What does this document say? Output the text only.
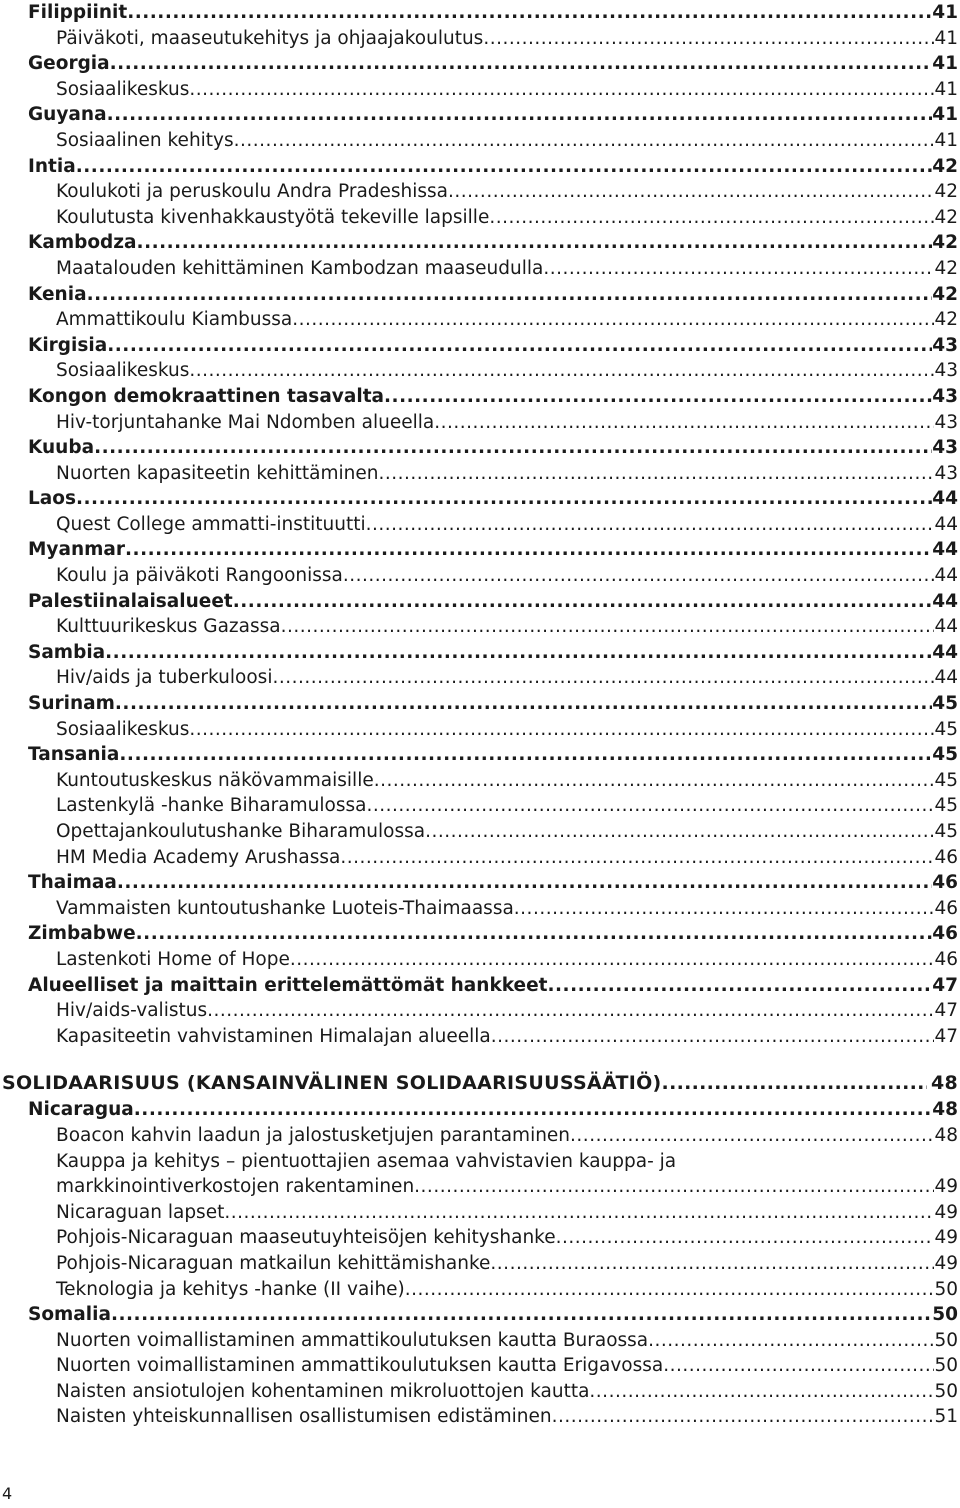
Filippiinit .....	41
Päiväkoti, maaseutukehitys ja ohjaajakoulutus .....	41
Georgia .....	41
Sosiaalikeskus .....	41
Guyana .....	41
Sosiaalinen kehitys .....	41
Intia .....	42
Koulukoti ja peruskoulu Andra Pradeshissa .....	42
Koulutusta kivenhakkaustyötä tekeville lapsille .....	42
Kambodza .....	42
Maatalouden kehittäminen Kambodzan maaseudulla .....	42
Kenia .....	42
Ammattikoulu Kiambussa .....	42
Kirgisia .....	43
Sosiaalikeskus .....	43
Kongon demokraattinen tasavalta .....	43
Hiv-torjuntahanke Mai Ndomben alueella .....	43
Kuuba .....	43
Nuorten kapasiteetin kehittäminen .....	43
Laos .....	44
Quest College ammatti-instituutti .....	44
Myanmar .....	44
Koulu ja päiväkoti Rangoonissa .....	44
Palestiinalaisalueet .....	44
Kulttuurikeskus Gazassa .....	44
Sambia .....	44
Hiv/aids ja tuberkuloosi .....	44
Surinam .....	45
Sosiaalikeskus .....	45
Tansania .....	45
Kuntoutuskeskus näkövammaisille .....	45
Lastenkylä -hanke Biharamulossa .....	45
Opettajankoulutushanke Biharamulossa .....	45
HM Media Academy Arushassa .....	46
Thaimaa .....	46
Vammaisten kuntoutushanke Luoteis-Thaimaassa .....	46
Zimbabwe .....	46
Lastenkoti Home of Hope .....	46
Alueelliset ja maittain erittelemättömät hankkeet .....	47
Hiv/aids-valistus .....	47
Kapasiteetin vahvistaminen Himalajan alueella .....	47
SOLIDAARISUUS (KANSAINVÄLINEN SOLIDAARISUUSSÄÄTIÖ) .....	48
Nicaragua .....	48
Boacon kahvin laadun ja jalostusketjujen parantaminen .....	48
Kauppa ja kehitys – pientuottajien asemaa vahvistavien kauppa- ja
markkinointiverkostojen rakentaminen .....	49
Nicaraguan lapset .....	49
Pohjois-Nicaraguan maaseutuyhteisöjen kehityshanke .....	49
Pohjois-Nicaraguan matkailun kehittämishanke .....	49
Teknologia ja kehitys -hanke (II vaihe) .....	50
Somalia .....	50
Nuorten voimallistaminen ammattikoulutuksen kautta Buraossa .....	50
Nuorten voimallistaminen ammattikoulutuksen kautta Erigavossa .....	50
Naisten ansiotulojen kohentaminen mikroluottojen kautta .....	50
Naisten yhteiskunnallisen osallistumisen edistäminen .....	51
4
